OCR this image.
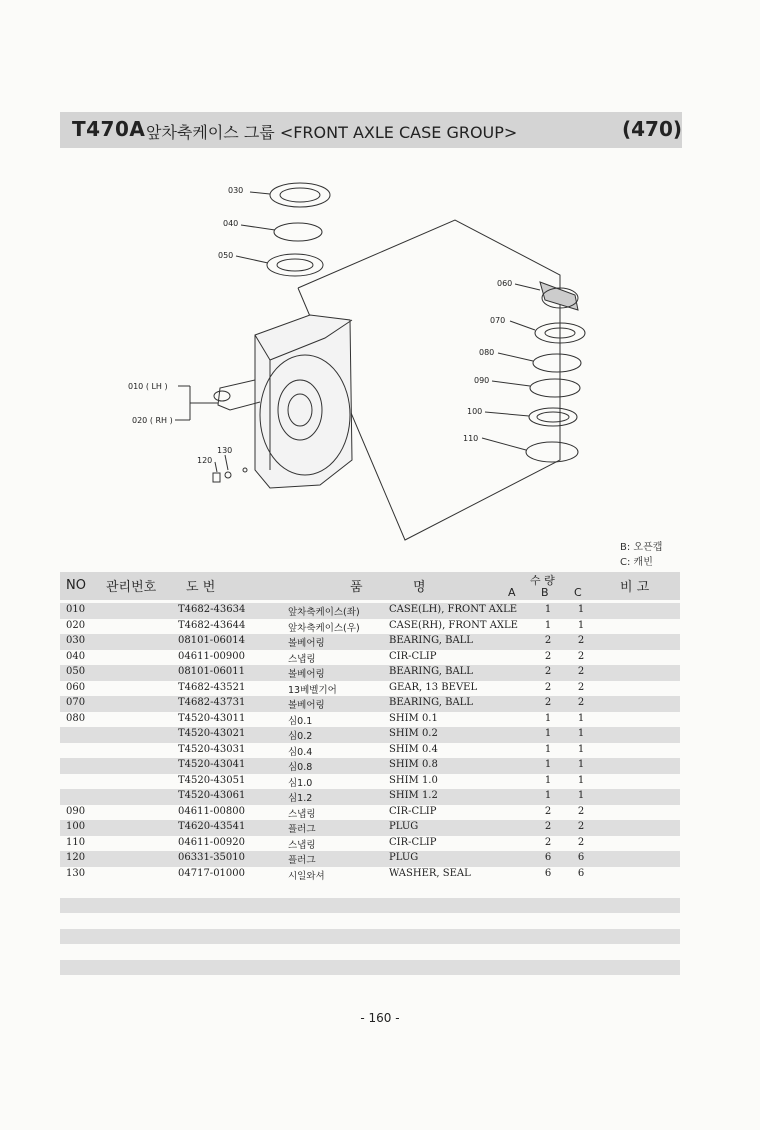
T470A 앞차축케이스 그룹 <FRONT AXLE CASE GROUP>	(470)
030
040
050
060
070
080
090
100
110
010 ( LH )
020 ( RH )
130
120
B: 오픈캡
C: 캐빈
NO 관리번호 도 번	품	명	수 량
A B C	비 고
010	T4682-43634	앞차축케이스(좌)	CASE(LH), FRONT AXLE	1	1
020	T4682-43644	앞차축케이스(우)	CASE(RH), FRONT AXLE	1	1
030	08101-06014	볼베어링	BEARING, BALL	2	2
040	04611-00900	스냅링	CIR-CLIP	2	2
050	08101-06011	볼베어링	BEARING, BALL	2	2
060	T4682-43521	13베벨기어	GEAR, 13 BEVEL	2	2
070	T4682-43731	볼베어링	BEARING, BALL	2	2
080	T4520-43011	심0.1	SHIM 0.1	1	1
T4520-43021	심0.2	SHIM 0.2	1	1
T4520-43031	심0.4	SHIM 0.4	1	1
T4520-43041	심0.8	SHIM 0.8	1	1
T4520-43051	심1.0	SHIM 1.0	1	1
T4520-43061	심1.2	SHIM 1.2	1	1
090	04611-00800	스냅링	CIR-CLIP	2	2
100	T4620-43541	플러그	PLUG	2	2
110	04611-00920	스냅링	CIR-CLIP	2	2
120	06331-35010	플러그	PLUG	6	6
130	04717-01000	시일와셔	WASHER, SEAL	6	6
- 160 -
